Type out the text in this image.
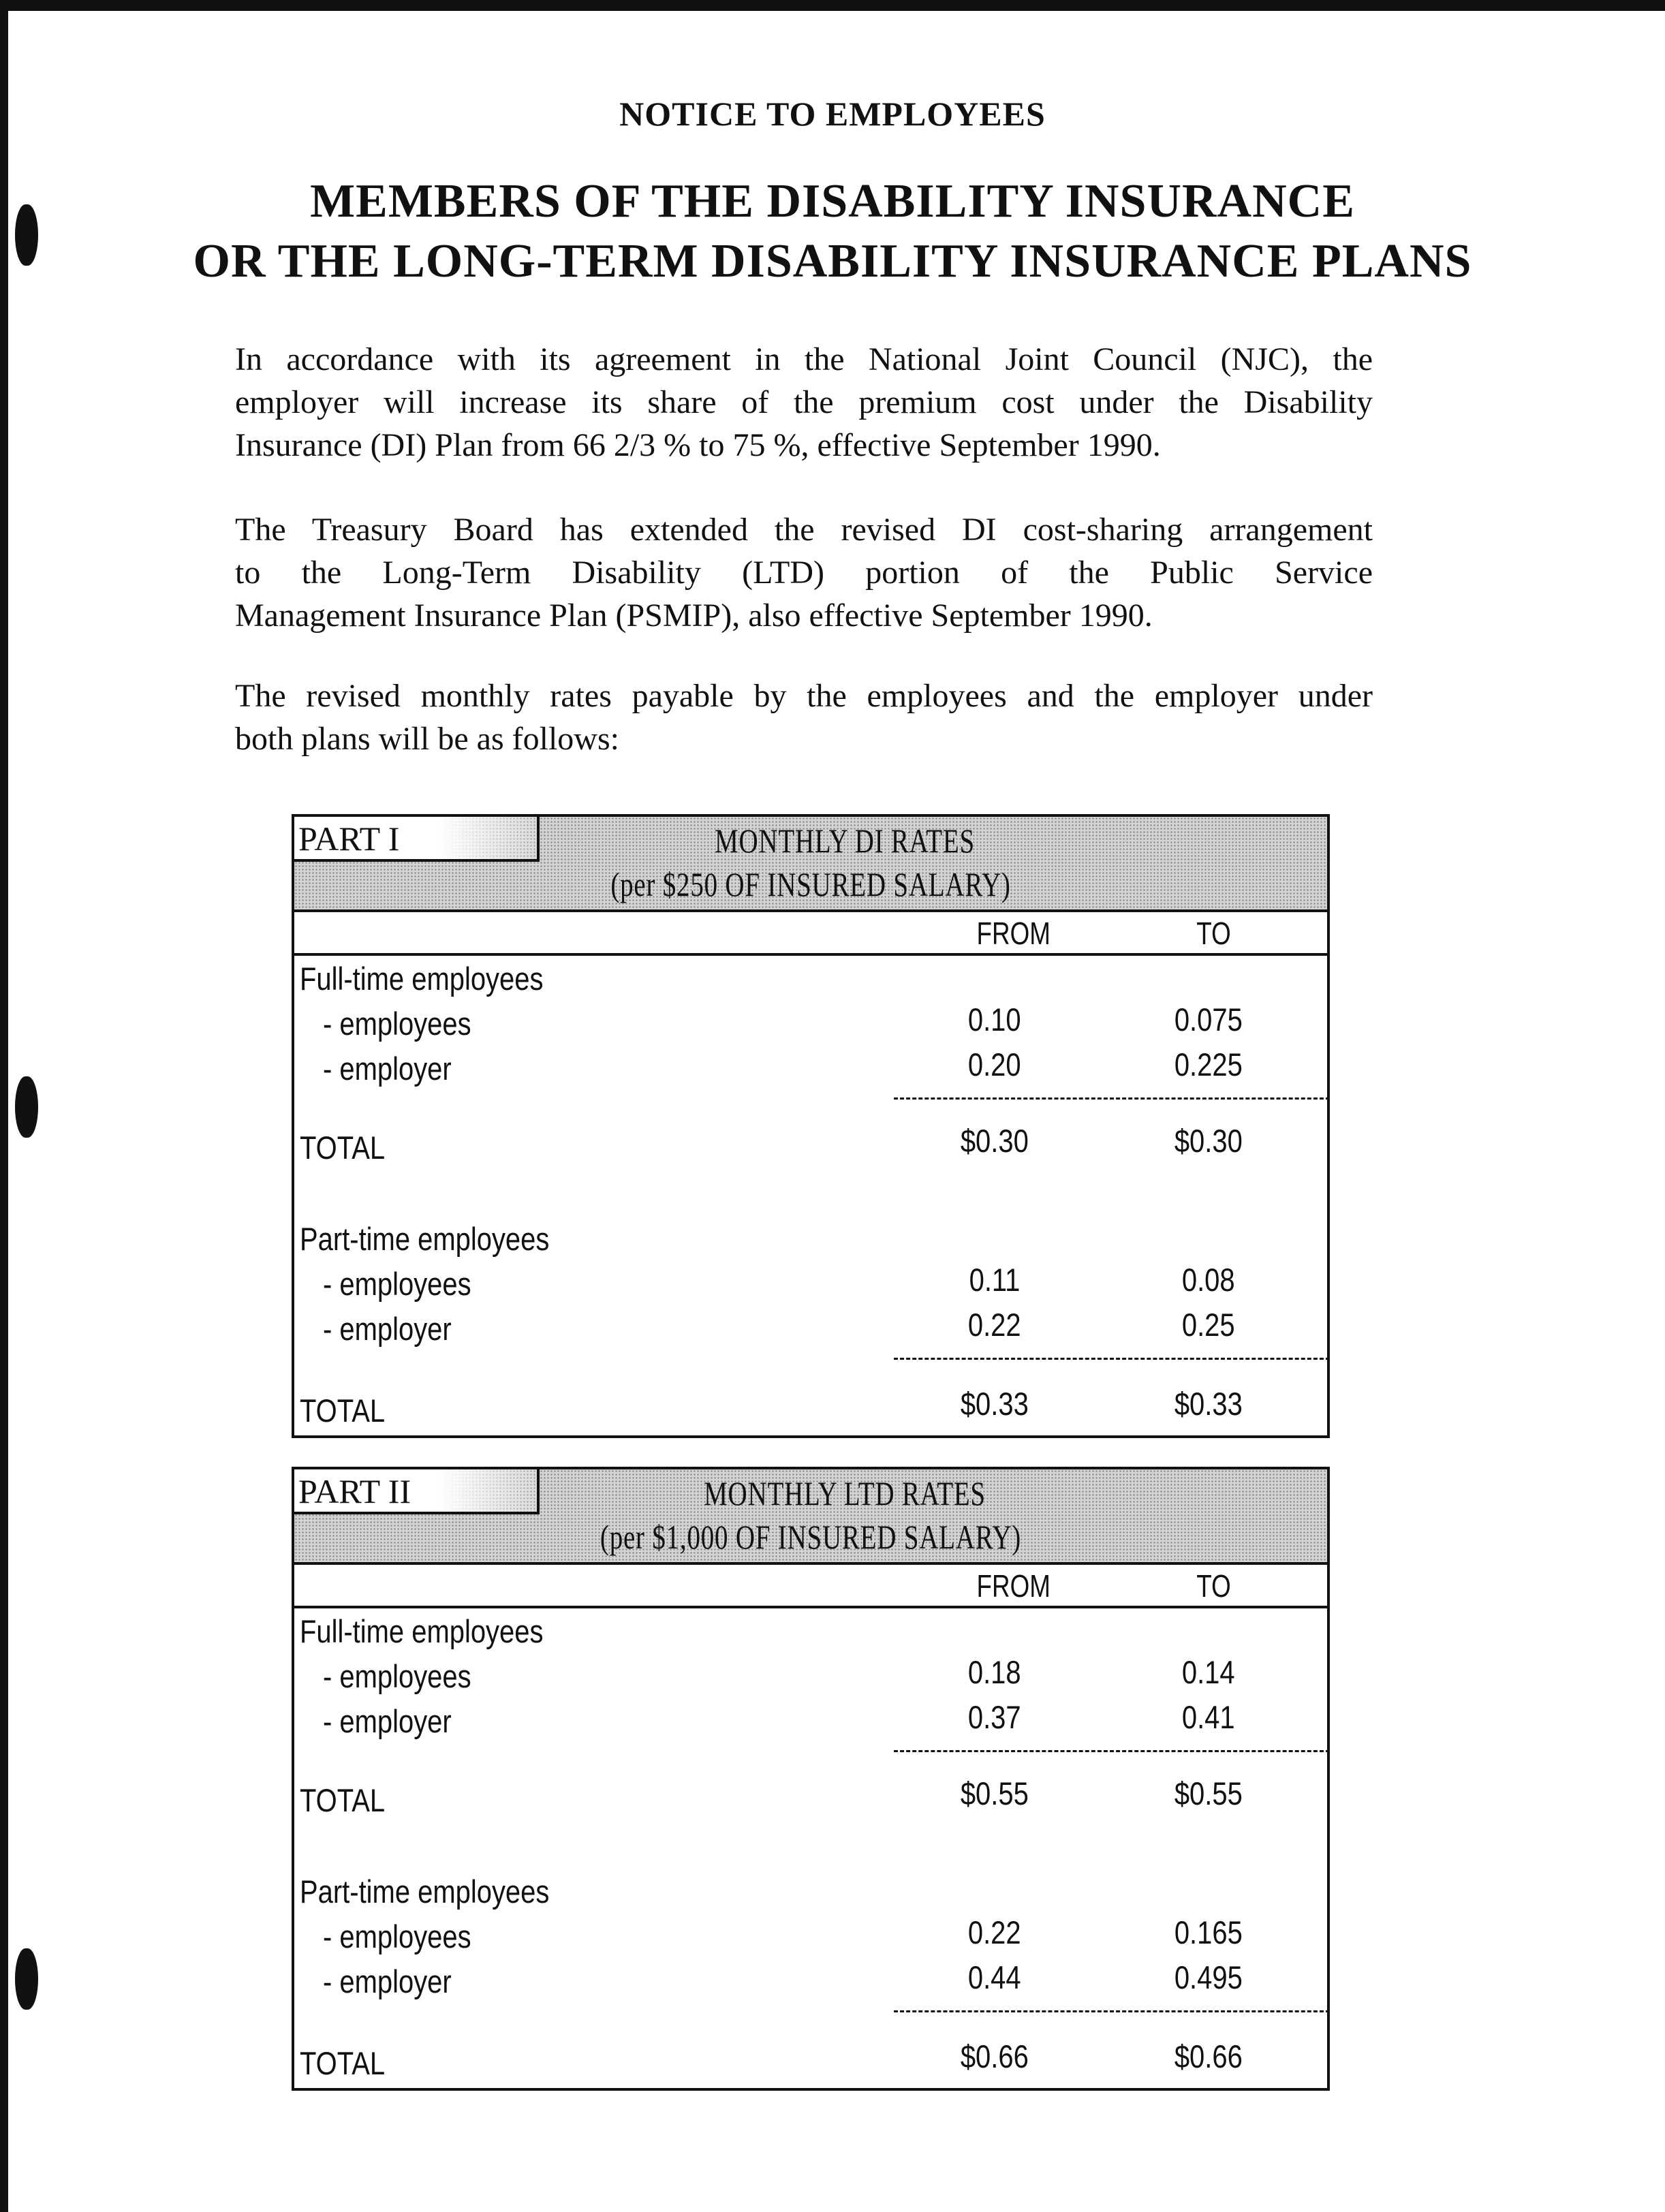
NOTICE TO EMPLOYEES
MEMBERS OF THE DISABILITY INSURANCE
OR THE LONG-TERM DISABILITY INSURANCE PLANS
In accordance with its agreement in the National Joint Council (NJC), the
employer will increase its share of the premium cost under the Disability
Insurance (DI) Plan from 66 2/3 % to 75 %, effective September 1990.
The Treasury Board has extended the revised DI cost-sharing arrangement
to the Long-Term Disability (LTD) portion of the Public Service
Management Insurance Plan (PSMIP), also effective September 1990.
The revised monthly rates payable by the employees and the employer under
both plans will be as follows:
PART I	MONTHLY DI RATES
(per $250 OF INSURED SALARY)
FROM	TO
Full-time employees
- employees	0.10	0.075
- employer	0.20	0.225
TOTAL	$0.30	$0.30
Part-time employees
- employees	0.11	0.08
- employer	0.22	0.25
TOTAL	$0.33	$0.33
PART II	MONTHLY LTD RATES
(per $1,000 OF INSURED SALARY)
FROM	TO
Full-time employees
- employees	0.18	0.14
- employer	0.37	0.41
TOTAL	$0.55	$0.55
Part-time employees
- employees	0.22	0.165
- employer	0.44	0.495
TOTAL	$0.66	$0.66
